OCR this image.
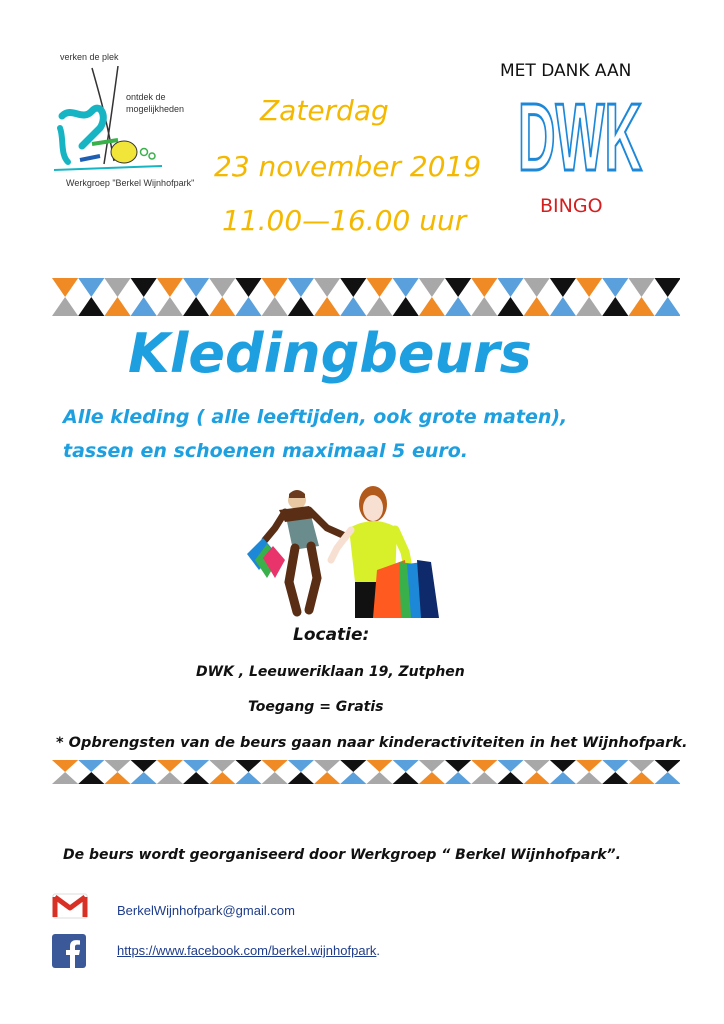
verken de plek
ontdek de
mogelijkheden
Werkgroep "Berkel Wijnhofpark"
Zaterdag
23 november 2019
11.00—16.00 uur
MET DANK AAN
DWK
BINGO
Kledingbeurs
Alle kleding ( alle leeftijden, ook grote maten),
tassen en schoenen maximaal 5 euro.
Locatie:
DWK , Leeuweriklaan 19, Zutphen
Toegang = Gratis
* Opbrengsten van de beurs gaan naar kinderactiviteiten in het Wijnhofpark.
De beurs wordt georganiseerd door Werkgroep “ Berkel Wijnhofpark”.
BerkelWijnhofpark@gmail.com
https://www.facebook.com/berkel.wijnhofpark.
